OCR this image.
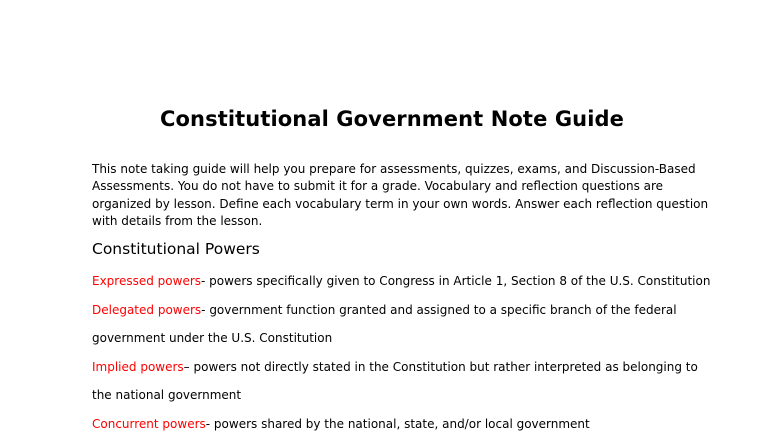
Constitutional Government Note Guide
This note taking guide will help you prepare for assessments, quizzes, exams, and Discussion-Based
Assessments. You do not have to submit it for a grade. Vocabulary and reflection questions are
organized by lesson. Define each vocabulary term in your own words. Answer each reflection question
with details from the lesson.
Constitutional Powers
Expressed powers- powers specifically given to Congress in Article 1, Section 8 of the U.S. Constitution
Delegated powers- government function granted and assigned to a specific branch of the federal
government under the U.S. Constitution
Implied powers– powers not directly stated in the Constitution but rather interpreted as belonging to
the national government
Concurrent powers- powers shared by the national, state, and/or local government
